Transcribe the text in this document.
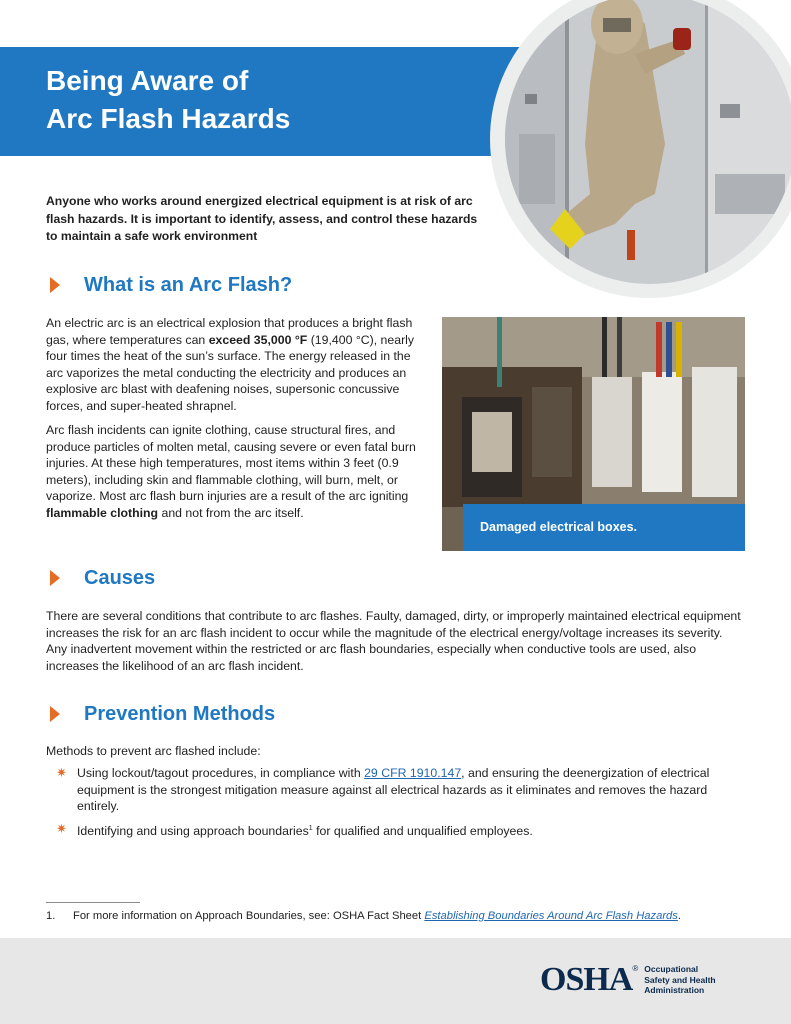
Being Aware of
Arc Flash Hazards

Anyone who works around energized electrical equipment is at risk of arc flash hazards. It is important to identify, assess, and control these hazards to maintain a safe work environment

What is an Arc Flash?

An electric arc is an electrical explosion that produces a bright flash gas, where temperatures can exceed 35,000 °F (19,400 °C), nearly four times the heat of the sun’s surface. The energy released in the arc vaporizes the metal conducting the electricity and produces an explosive arc blast with deafening noises, supersonic concussive forces, and super-heated shrapnel.

Arc flash incidents can ignite clothing, cause structural fires, and produce particles of molten metal, causing severe or even fatal burn injuries. At these high temperatures, most items within 3 feet (0.9 meters), including skin and flammable clothing, will burn, melt, or vaporize. Most arc flash burn injuries are a result of the arc igniting flammable clothing and not from the arc itself.

Damaged electrical boxes.
Causes

There are several conditions that contribute to arc flashes. Faulty, damaged, dirty, or improperly maintained electrical equipment increases the risk for an arc flash incident to occur while the magnitude of the electrical energy/voltage increases its severity. Any inadvertent movement within the restricted or arc flash boundaries, especially when conductive tools are used, also increases the likelihood of an arc flash incident.

Prevention Methods

Methods to prevent arc flashed include:

✷ Using lockout/tagout procedures, in compliance with 29 CFR 1910.147, and ensuring the deenergization of electrical equipment is the strongest mitigation measure against all electrical hazards as it eliminates and removes the hazard entirely.
✷ Identifying and using approach boundaries$^1$ for qualified and unqualified employees.

1. For more information on Approach Boundaries, see: OSHA Fact Sheet Establishing Boundaries Around Arc Flash Hazards.

OSHA ® Occupational
Safety and Health
Administration
